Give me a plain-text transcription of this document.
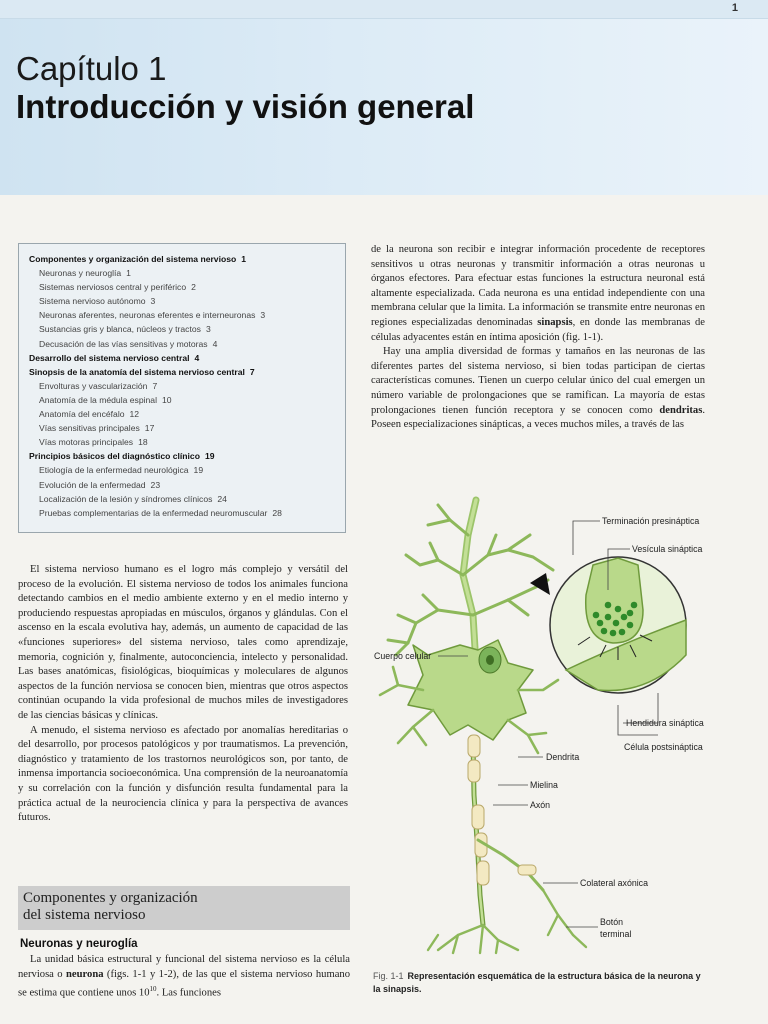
1
Capítulo 1
Introducción y visión general
Componentes y organización del sistema nervioso 1
Neuronas y neuroglía 1
Sistemas nerviosos central y periférico 2
Sistema nervioso autónomo 3
Neuronas aferentes, neuronas eferentes e interneuronas 3
Sustancias gris y blanca, núcleos y tractos 3
Decusación de las vías sensitivas y motoras 4
Desarrollo del sistema nervioso central 4
Sinopsis de la anatomía del sistema nervioso central 7
Envolturas y vascularización 7
Anatomía de la médula espinal 10
Anatomía del encéfalo 12
Vías sensitivas principales 17
Vías motoras principales 18
Principios básicos del diagnóstico clínico 19
Etiología de la enfermedad neurológica 19
Evolución de la enfermedad 23
Localización de la lesión y síndromes clínicos 24
Pruebas complementarias de la enfermedad neuromuscular 28

de la neurona son recibir e integrar información procedente de receptores sensitivos u otras neuronas y transmitir información a otras neuronas u órganos efectores. Para efectuar estas funciones la estructura neuronal está altamente especializada. Cada neurona es una entidad independiente con una membrana celular que la limita. La información se transmite entre neuronas en regiones especializadas denominadas sinapsis, en donde las membranas de células adyacentes están en íntima aposición (fig. 1-1).

Hay una amplia diversidad de formas y tamaños en las neuronas de las diferentes partes del sistema nervioso, si bien todas participan de ciertas características comunes. Tienen un cuerpo celular único del cual emergen un número variable de prolongaciones que se ramifican. La mayoría de estas prolongaciones tienen función receptora y se conocen como dendritas. Poseen especializaciones sinápticas, a veces muchos miles, a través de las

El sistema nervioso humano es el logro más complejo y versátil del proceso de la evolución. El sistema nervioso de todos los animales funciona detectando cambios en el medio ambiente externo y en el medio interno y produciendo respuestas apropiadas en músculos, órganos y glándulas. Con el ascenso en la escala evolutiva hay, además, un aumento de capacidad de las «funciones superiores» del sistema nervioso, tales como aprendizaje, memoria, cognición y, finalmente, autoconciencia, intelecto y personalidad. Las bases anatómicas, fisiológicas, bioquímicas y moleculares de algunos aspectos de la función nerviosa se conocen bien, mientras que otros aspectos continúan ocupando la vida profesional de muchos miles de investigadores de las ciencias básicas y clínicas.

A menudo, el sistema nervioso es afectado por anomalías hereditarias o del desarrollo, por procesos patológicos y por traumatismos. La prevención, diagnóstico y tratamiento de los trastornos neurológicos son, por tanto, de inmensa importancia socioeconómica. Una comprensión de la neuroanatomía y su correlación con la función y disfunción resulta fundamental para la práctica actual de la neurociencia clínica y para la perspectiva de avances futuros.

Componentes y organización
del sistema nervioso
Neuronas y neuroglía

La unidad básica estructural y funcional del sistema nervioso es la célula nerviosa o neurona (figs. 1-1 y 1-2), de las que el sistema nervioso humano se estima que contiene unos $10^{10}$. Las funciones

Terminación presináptica
Vesícula sináptica
Cuerpo celular
Hendidura sináptica
Célula postsináptica
Dendrita
Mielina
Axón
Colateral axónica
Botón
terminal
Fig. 1-1 Representación esquemática de la estructura básica de la neurona y la sinapsis.
